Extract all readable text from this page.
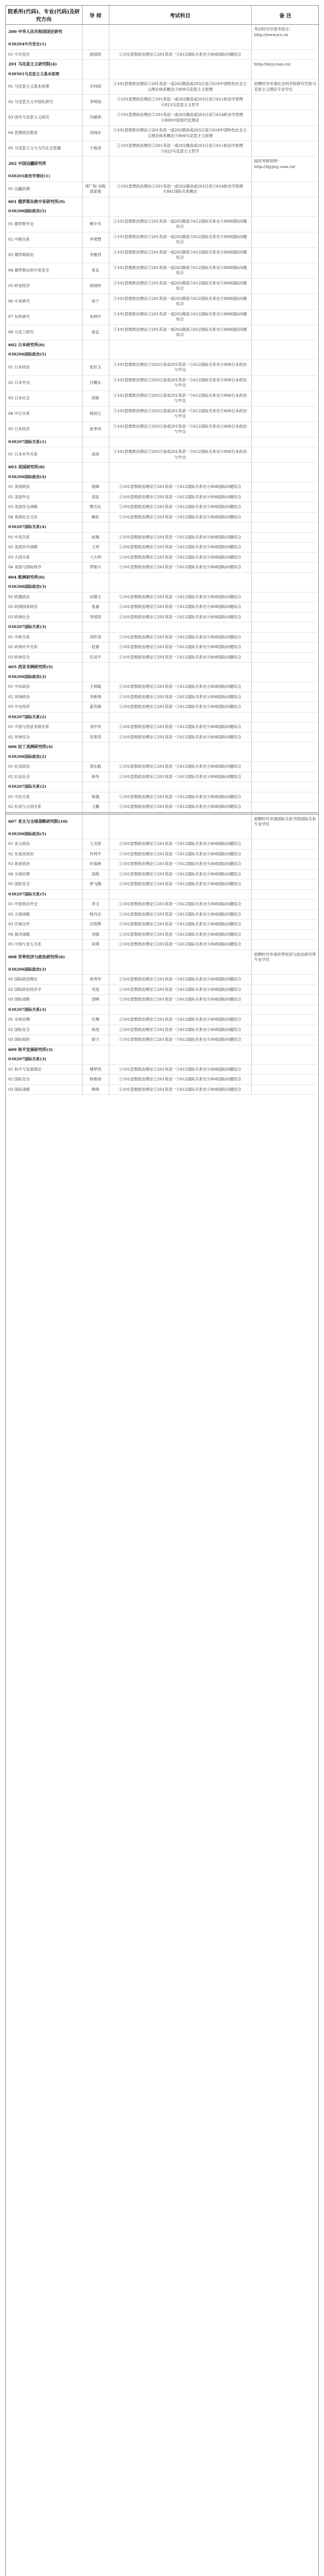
院系所(代码)、专业(代码)及研究方向	导 师	考试科目	备 注
200 中华人民共和国国史研究			考试时可任选考语言：http://www.ics.cn
030204中共党史(1)			
01 中共党史	曲国凯	①101思想政治理论②201英语一③612国际关系史④808国际问题综合	
201 马克思主义研究院(4)			http://myy.cssn.cn/
030501马克思主义基本原理			
01 马克思主义基本原理	辛向阳	①101思想政治理论②201英语一或202俄语或203日语③618中国特色社会主义理论体系概论④809马克思主义原理	招聘时可申请社会科学院研究生院马克思主义理论专业学位
02 马克思主义中国化研究	李明灿	①101思想政治理论②201英语一或202俄语或203日语③611政治学原理④823马克思主义哲学	
03 国外马克思主义研究	冯颜利	①101思想政治理论②201英语一或202俄语或203日语③614政治学原理④809中国现代化理论	
04 思想政治教育	邓纯东	①101思想政治理论②201英语一或202俄语或203日语③618中国特色社会主义理论体系概论④809马克思主义原理	
05 马克思主义与当代社会思潮	于海青	①101思想政治理论②201英语一或202俄语或203日语③611政治学原理④823马克思主义哲学	
202 中国边疆研究所			面试考研说明：http://bjyjsyj.cass.cn/
030201政治学理论(1)			
01 边疆治理	邢广程 刘俊 邵家骏	①101思想政治理论②201英语一或202俄语或203日语③614政治学原理④841国际关系概论	
601 俄罗斯东欧中亚研究所(9)			
030206国际政治(5)			
01 俄罗斯外交	柳丰华	①101思想政治理论②201英语一或202俄语③612国际关系史④808国际问题综合	
02 中俄关系	李勇慧	①101思想政治理论②201英语一或202俄语③612国际关系史④808国际问题综合	
03 俄罗斯政治	李雅君	①101思想政治理论②201英语一或202俄语③612国际关系史④808国际问题综合	
04 俄罗斯东欧中亚安全	张弘	①101思想政治理论②201英语一或202俄语③612国际关系史④808国际问题综合	
05 欧亚经济	徐坡岭	①101思想政治理论②201英语一或202俄语③612国际关系史④808国际问题综合	
06 中亚研究	张宁	①101思想政治理论②201英语一或202俄语③612国际关系史④808国际问题综合	
07 东欧研究	朱晓中	①101思想政治理论②201英语一或202俄语③612国际关系史④808国际问题综合	
08 乌克兰研究	张弘	①101思想政治理论②201英语一或202俄语③612国际关系史④808国际问题综合	
602 日本研究所(6)			
030206国际政治(5)			
01 日本政治	张伯玉	①101思想政治理论②203日语或201英语一③612国际关系史④808日本政治与外交	
02 日本外交	吕耀东	①101思想政治理论②203日语或201英语一③612国际关系史④808日本政治与外交	
03 日本社会	胡澎	①101思想政治理论②203日语或201英语一③612国际关系史④808日本政治与外交	
04 中日关系	杨伯江	①101思想政治理论②203日语或201英语一③612国际关系史④808日本政治与外交	
05 日本经济	张季风	①101思想政治理论②203日语或201英语一③612国际关系史④808日本政治与外交	
030207国际关系(1)			
01 日本对外关系	高洪	①101思想政治理论②203日语或201英语一③612国际关系史④808日本政治与外交	
603 美国研究所(8)			
030206国际政治(4)			
01 美国政治	倪峰	①101思想政治理论②201英语一③612国际关系史④808国际问题综合	
02 美国外交	袁征	①101思想政治理论②201英语一③612国际关系史④808国际问题综合	
03 美国安全战略	樊吉社	①101思想政治理论②201英语一③612国际关系史④808国际问题综合	
04 美国社会文化	姬虹	①101思想政治理论②201英语一③612国际关系史④808国际问题综合	
030207国际关系(4)			
01 中美关系	赵梅	①101思想政治理论②201英语一③612国际关系史④808国际问题综合	
02 美国对外战略	王玮	①101思想政治理论②201英语一③612国际关系史④808国际问题综合	
03 大国关系	刁大明	①101思想政治理论②201英语一③612国际关系史④808国际问题综合	
04 美国与国际秩序	罗振兴	①101思想政治理论②201英语一③612国际关系史④808国际问题综合	
604 欧洲研究所(6)			
030206国际政治(3)			
01 欧盟政治	田德文	①101思想政治理论②201英语一③612国际关系史④808国际问题综合	
02 欧洲国家政治	张磊	①101思想政治理论②201英语一③612国际关系史④808国际问题综合	
03 欧洲社会	李靖堃	①101思想政治理论②201英语一③612国际关系史④808国际问题综合	
030207国际关系(3)			
01 中欧关系	刘作奎	①101思想政治理论②201英语一③612国际关系史④808国际问题综合	
02 欧洲对外关系	赵晨	①101思想政治理论②201英语一③612国际关系史④808国际问题综合	
03 欧洲安全	孔田平	①101思想政治理论②201英语一③612国际关系史④808国际问题综合	
605 西亚非洲研究所(5)			
030206国际政治(3)			
01 中东政治	王林聪	①101思想政治理论②201英语一③612国际关系史④808国际问题综合	
02 非洲政治	李新烽	①101思想政治理论②201英语一③612国际关系史④808国际问题综合	
03 中东经济	姜英梅	①101思想政治理论②201英语一③612国际关系史④808国际问题综合	
030207国际关系(2)			
01 中国与西亚非洲关系	刘中民	①101思想政治理论②201英语一③612国际关系史④808国际问题综合	
02 非洲安全	安春英	①101思想政治理论②201英语一③612国际关系史④808国际问题综合	
606 拉丁美洲研究所(4)			
030206国际政治(2)			
01 拉美政治	袁东振	①101思想政治理论②201英语一③612国际关系史④808国际问题综合	
02 拉美社会	林华	①101思想政治理论②201英语一③612国际关系史④808国际问题综合	
030207国际关系(2)			
01 中拉关系	柴瑜	①101思想政治理论②201英语一③612国际关系史④808国际问题综合	
02 拉美与大国关系	王鹏	①101思想政治理论②201英语一③612国际关系史④808国际问题综合	
607 亚太与全球战略研究院(10)			招聘时可申请国际关系学院国际关系专业学位
030206国际政治(5)			
01 亚太政治	王灵桂	①101思想政治理论②201英语一③612国际关系史④808国际问题综合	
02 东南亚政治	许利平	①101思想政治理论②201英语一③612国际关系史④808国际问题综合	
03 南亚政治	叶海林	①101思想政治理论②201英语一③612国际关系史④808国际问题综合	
04 全球治理	高程	①101思想政治理论②201英语一③612国际关系史④808国际问题综合	
05 国际安全	钟飞腾	①101思想政治理论②201英语一③612国际关系史④808国际问题综合	
030207国际关系(5)			
01 中国周边外交	李文	①101思想政治理论②201英语一③612国际关系史④808国际问题综合	
02 大国战略	杨丹志	①101思想政治理论②201英语一③612国际关系史④808国际问题综合	
03 区域合作	沈铭辉	①101思想政治理论②201英语一③612国际关系史④808国际问题综合	
04 海洋战略	刘强	①101思想政治理论②201英语一③612国际关系史④808国际问题综合	
05 中国与亚太关系	朱锋	①101思想政治理论②201英语一③612国际关系史④808国际问题综合	
608 世界经济与政治研究所(6)			招聘时可申请世界经济与政治研究所专业学位
030206国际政治(3)			
01 国际政治理论	徐秀军	①101思想政治理论②201英语一③612国际关系史④808国际问题综合	
02 国际政治经济学	宋泓	①101思想政治理论②201英语一③612国际关系史④808国际问题综合	
03 国际战略	邵峰	①101思想政治理论②201英语一③612国际关系史④808国际问题综合	
030207国际关系(3)			
01 全球治理	任琳	①101思想政治理论②201英语一③612国际关系史④808国际问题综合	
02 国际安全	徐进	①101思想政治理论②201英语一③612国际关系史④808国际问题综合	
03 国际组织	薛力	①101思想政治理论②201英语一③612国际关系史④808国际问题综合	
609 和平发展研究所(3)			
030207国际关系(3)			
01 和平与发展理论	傅梦孜	①101思想政治理论②201英语一③612国际关系史④808国际问题综合	
02 国际安全	杨希雨	①101思想政治理论②201英语一③612国际关系史④808国际问题综合	
03 国际战略	韩锋	①101思想政治理论②201英语一③612国际关系史④808国际问题综合	
